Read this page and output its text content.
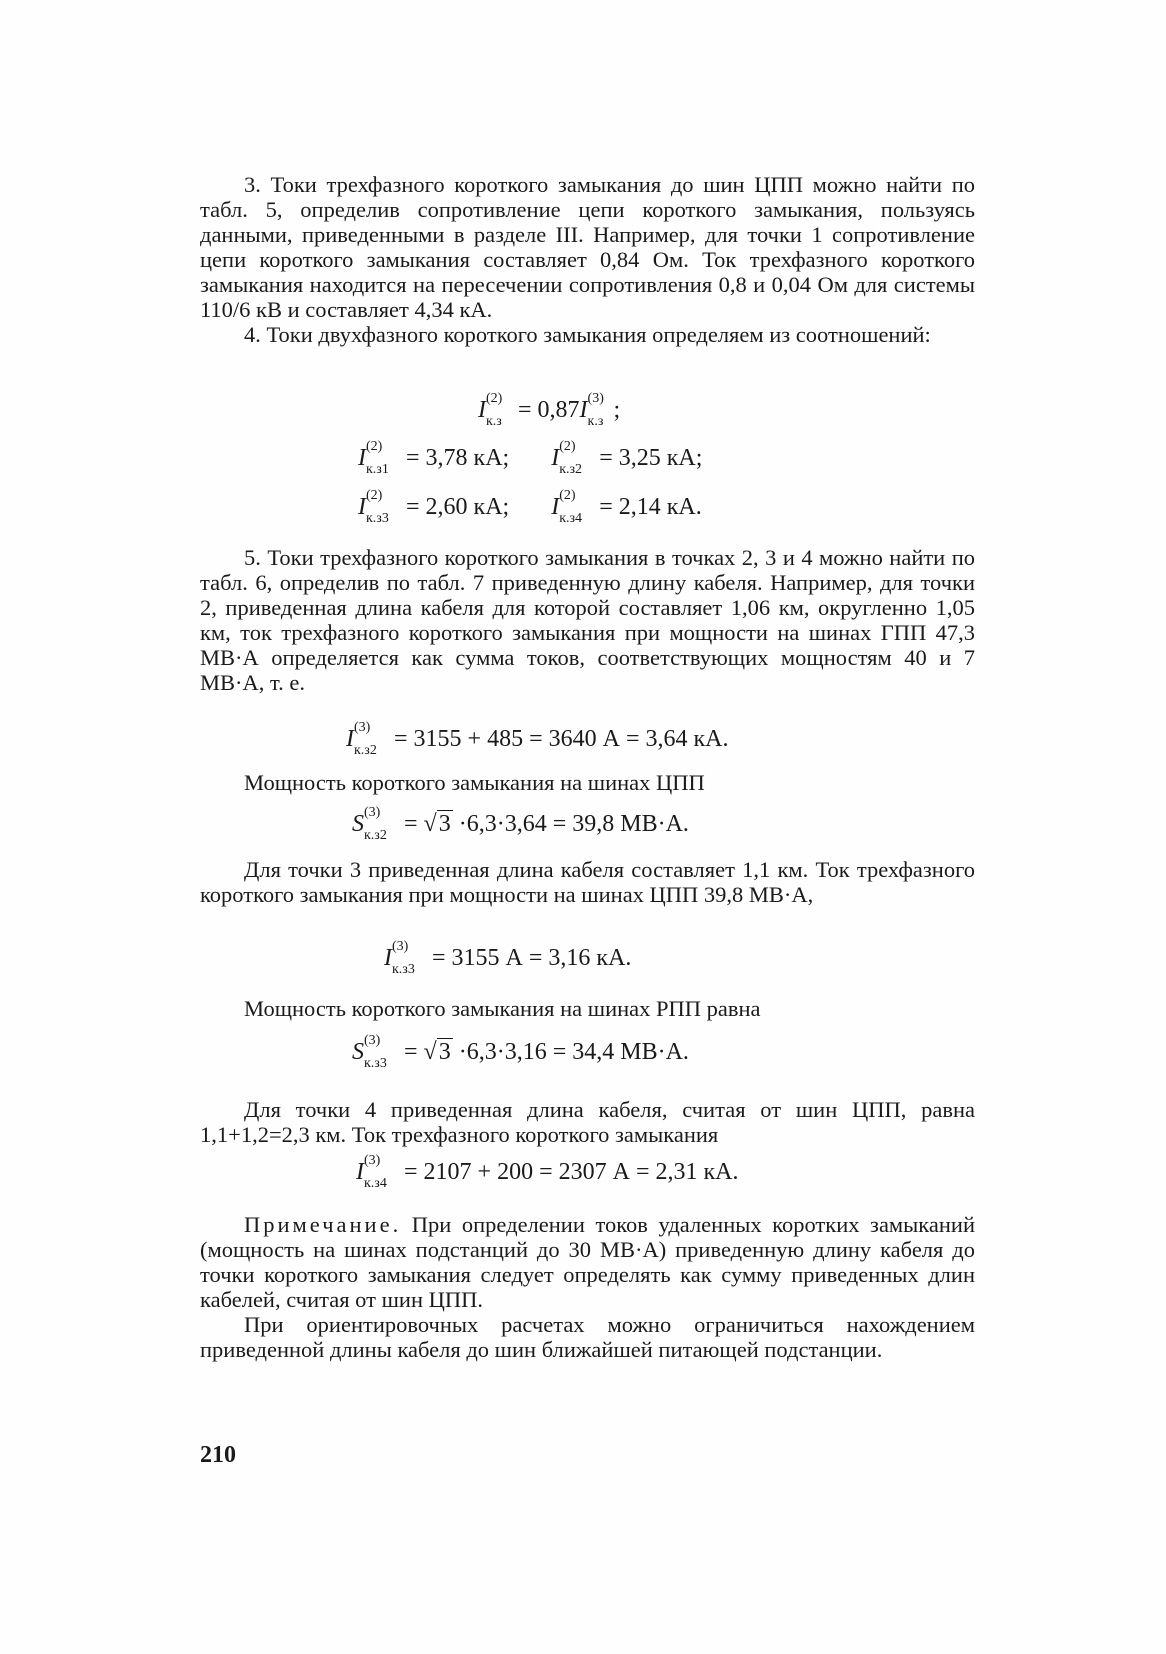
3. Токи трехфазного короткого замыкания до шин ЦПП можно найти по табл. 5, определив сопротивление цепи короткого замыкания, пользуясь данными, приведенными в разделе III. Например, для точки 1 сопротивление цепи короткого замыкания составляет 0,84 Ом. Ток трехфазного короткого замыкания находится на пересечении сопротивления 0,8 и 0,04 Ом для системы 110/6 кВ и составляет 4,34 кА.

4. Токи двухфазного короткого замыкания определяем из соотношений:

I (2)
к.з = 0,87I (3)
к.з ;
I (2)
к.з1 = 3,78 кА; I (2)
к.з2 = 3,25 кА;
I (2)
к.з3 = 2,60 кА; I (2)
к.з4 = 2,14 кА.

5. Токи трехфазного короткого замыкания в точках 2, 3 и 4 можно найти по табл. 6, определив по табл. 7 приведенную длину кабеля. Например, для точки 2, приведенная длина кабеля для которой составляет 1,06 км, округленно 1,05 км, ток трехфазного короткого замыкания при мощности на шинах ГПП 47,3 МВ·А определяется как сумма токов, соответствующих мощностям 40 и 7 МВ·А, т. е.

I (3)
к.з2 = 3155 + 485 = 3640 А = 3,64 кА.

Мощность короткого замыкания на шинах ЦПП

S (3)
к.з2 = √3 ·6,3·3,64 = 39,8 МВ·А.

Для точки 3 приведенная длина кабеля составляет 1,1 км. Ток трехфазного короткого замыкания при мощности на шинах ЦПП 39,8 МВ·А,

I (3)
к.з3 = 3155 А = 3,16 кА.

Мощность короткого замыкания на шинах РПП равна

S (3)
к.з3 = √3 ·6,3·3,16 = 34,4 МВ·А.

Для точки 4 приведенная длина кабеля, считая от шин ЦПП, равна 1,1+1,2=2,3 км. Ток трехфазного короткого замыкания

I (3)
к.з4 = 2107 + 200 = 2307 А = 2,31 кА.

Примечание. При определении токов удаленных коротких замыканий (мощность на шинах подстанций до 30 МВ·А) приведенную длину кабеля до точки короткого замыкания следует определять как сумму приведенных длин кабелей, считая от шин ЦПП.

При ориентировочных расчетах можно ограничиться нахождением приведенной длины кабеля до шин ближайшей питающей подстанции.

210
